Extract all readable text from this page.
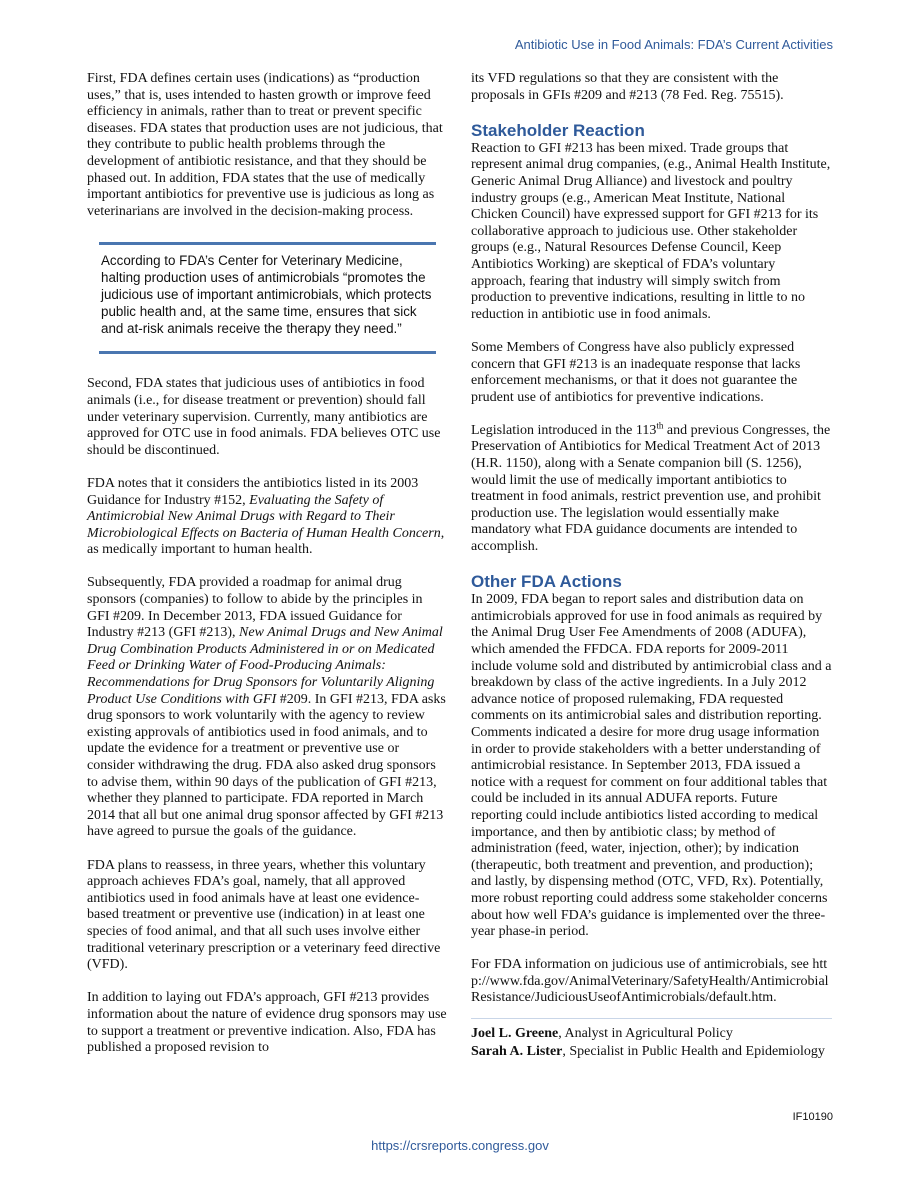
Antibiotic Use in Food Animals: FDA’s Current Activities

First, FDA defines certain uses (indications) as “production uses,” that is, uses intended to hasten growth or improve feed efficiency in animals, rather than to treat or prevent specific diseases. FDA states that production uses are not judicious, that they contribute to public health problems through the development of antibiotic resistance, and that they should be phased out. In addition, FDA states that the use of medically important antibiotics for preventive use is judicious as long as veterinarians are involved in the decision-making process.

According to FDA’s Center for Veterinary Medicine, halting production uses of antimicrobials “promotes the judicious use of important antimicrobials, which protects public health and, at the same time, ensures that sick and at-risk animals receive the therapy they need.”

Second, FDA states that judicious uses of antibiotics in food animals (i.e., for disease treatment or prevention) should fall under veterinary supervision. Currently, many antibiotics are approved for OTC use in food animals. FDA believes OTC use should be discontinued.

FDA notes that it considers the antibiotics listed in its 2003 Guidance for Industry #152, Evaluating the Safety of Antimicrobial New Animal Drugs with Regard to Their Microbiological Effects on Bacteria of Human Health Concern, as medically important to human health.

Subsequently, FDA provided a roadmap for animal drug sponsors (companies) to follow to abide by the principles in GFI #209. In December 2013, FDA issued Guidance for Industry #213 (GFI #213), New Animal Drugs and New Animal Drug Combination Products Administered in or on Medicated Feed or Drinking Water of Food-Producing Animals: Recommendations for Drug Sponsors for Voluntarily Aligning Product Use Conditions with GFI #209. In GFI #213, FDA asks drug sponsors to work voluntarily with the agency to review existing approvals of antibiotics used in food animals, and to update the evidence for a treatment or preventive use or consider withdrawing the drug. FDA also asked drug sponsors to advise them, within 90 days of the publication of GFI #213, whether they planned to participate. FDA reported in March 2014 that all but one animal drug sponsor affected by GFI #213 have agreed to pursue the goals of the guidance.

FDA plans to reassess, in three years, whether this voluntary approach achieves FDA’s goal, namely, that all approved antibiotics used in food animals have at least one evidence-based treatment or preventive use (indication) in at least one species of food animal, and that all such uses involve either traditional veterinary prescription or a veterinary feed directive (VFD).

In addition to laying out FDA’s approach, GFI #213 provides information about the nature of evidence drug sponsors may use to support a treatment or preventive indication. Also, FDA has published a proposed revision to

its VFD regulations so that they are consistent with the proposals in GFIs #209 and #213 (78 Fed. Reg. 75515).

Stakeholder Reaction

Reaction to GFI #213 has been mixed. Trade groups that represent animal drug companies, (e.g., Animal Health Institute, Generic Animal Drug Alliance) and livestock and poultry industry groups (e.g., American Meat Institute, National Chicken Council) have expressed support for GFI #213 for its collaborative approach to judicious use. Other stakeholder groups (e.g., Natural Resources Defense Council, Keep Antibiotics Working) are skeptical of FDA’s voluntary approach, fearing that industry will simply switch from production to preventive indications, resulting in little to no reduction in antibiotic use in food animals.

Some Members of Congress have also publicly expressed concern that GFI #213 is an inadequate response that lacks enforcement mechanisms, or that it does not guarantee the prudent use of antibiotics for preventive indications.

Legislation introduced in the 113th and previous Congresses, the Preservation of Antibiotics for Medical Treatment Act of 2013 (H.R. 1150), along with a Senate companion bill (S. 1256), would limit the use of medically important antibiotics to treatment in food animals, restrict prevention use, and prohibit production use. The legislation would essentially make mandatory what FDA guidance documents are intended to accomplish.

Other FDA Actions

In 2009, FDA began to report sales and distribution data on antimicrobials approved for use in food animals as required by the Animal Drug User Fee Amendments of 2008 (ADUFA), which amended the FFDCA. FDA reports for 2009-2011 include volume sold and distributed by antimicrobial class and a breakdown by class of the active ingredients. In a July 2012 advance notice of proposed rulemaking, FDA requested comments on its antimicrobial sales and distribution reporting. Comments indicated a desire for more drug usage information in order to provide stakeholders with a better understanding of antimicrobial resistance. In September 2013, FDA issued a notice with a request for comment on four additional tables that could be included in its annual ADUFA reports. Future reporting could include antibiotics listed according to medical importance, and then by antibiotic class; by method of administration (feed, water, injection, other); by indication (therapeutic, both treatment and prevention, and production); and lastly, by dispensing method (OTC, VFD, Rx). Potentially, more robust reporting could address some stakeholder concerns about how well FDA’s guidance is implemented over the three-year phase-in period.

For FDA information on judicious use of antimicrobials, see http://www.fda.gov/AnimalVeterinary/SafetyHealth/AntimicrobialResistance/JudiciousUseofAntimicrobials/default.htm.

Joel L. Greene, Analyst in Agricultural Policy
Sarah A. Lister, Specialist in Public Health and Epidemiology
IF10190
https://crsreports.congress.gov
